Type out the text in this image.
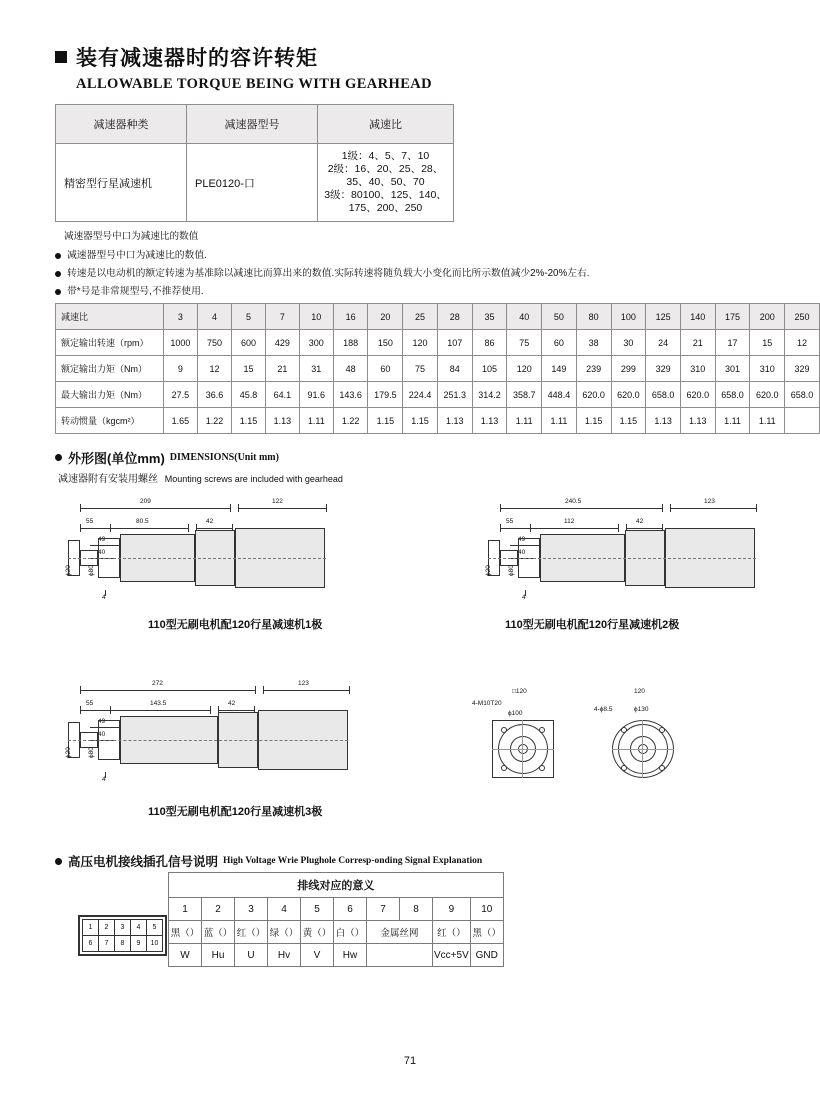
装有减速器时的容许转矩
ALLOWABLE TORQUE BEING WITH GEARHEAD
减速器种类	减速器型号	减速比
精密型行星减速机	PLE0120-口	1级：4、5、7、10
2级：16、20、25、28、
35、40、50、70
3级：80100、125、140、
175、200、250
减速器型号中口为减速比的数值
减速器型号中口为减速比的数值.
转速是以电动机的额定转速为基准除以减速比而算出来的数值.实际转速将随负载大小变化而比所示数值减少2%-20%左右.
带*号是非常规型号,不推荐使用.
减速比	3	4	5	7	10	16	20	25	28	35	40	50	80	100	125	140	175	200	250
额定输出转速（rpm）	1000	750	600	429	300	188	150	120	107	86	75	60	38	30	24	21	17	15	12
额定输出力矩（Nm）	9	12	15	21	31	48	60	75	84	105	120	149	239	299	329	310	301	310	329
最大输出力矩（Nm）	27.5	36.6	45.8	64.1	91.6	143.6	179.5	224.4	251.3	314.2	358.7	448.4	620.0	620.0	658.0	620.0	658.0	620.0	658.0
转动惯量（kgcm²）	1.65	1.22	1.15	1.13	1.11	1.22	1.15	1.15	1.13	1.13	1.11	1.11	1.15	1.15	1.13	1.13	1.11	1.11	
外形图(单位mm) DIMENSIONS(Unit mm)
减速器附有安装用螺丝 Mounting screws are included with gearhead
209	122
55	80.5	42
49
40
4
ϕ20 ϕ80
110型无刷电机配120行星减速机1极
240.5	123
55	112	42
49
40
4
ϕ20 ϕ80
110型无刷电机配120行星减速机2极
272	123
55	143.5	42
49
40
4
ϕ20 ϕ80
110型无刷电机配120行星减速机3极
□120
4-M10T20
ϕ100
120
4-ϕ8.5	ϕ130
高压电机接线插孔信号说明 High Voltage Wrie Plughole Corresp-onding Signal Explanation
1	2	3	4	5
6	7	8	9	10
排线对应的意义									
1	2	3	4	5	6	7	8	9	10
黑（）	蓝（）	红（）	绿（）	黄（）	白（）	金属丝网		红（）	黑（）
W	Hu	U	Hv	V	Hw			Vcc+5V	GND
71
